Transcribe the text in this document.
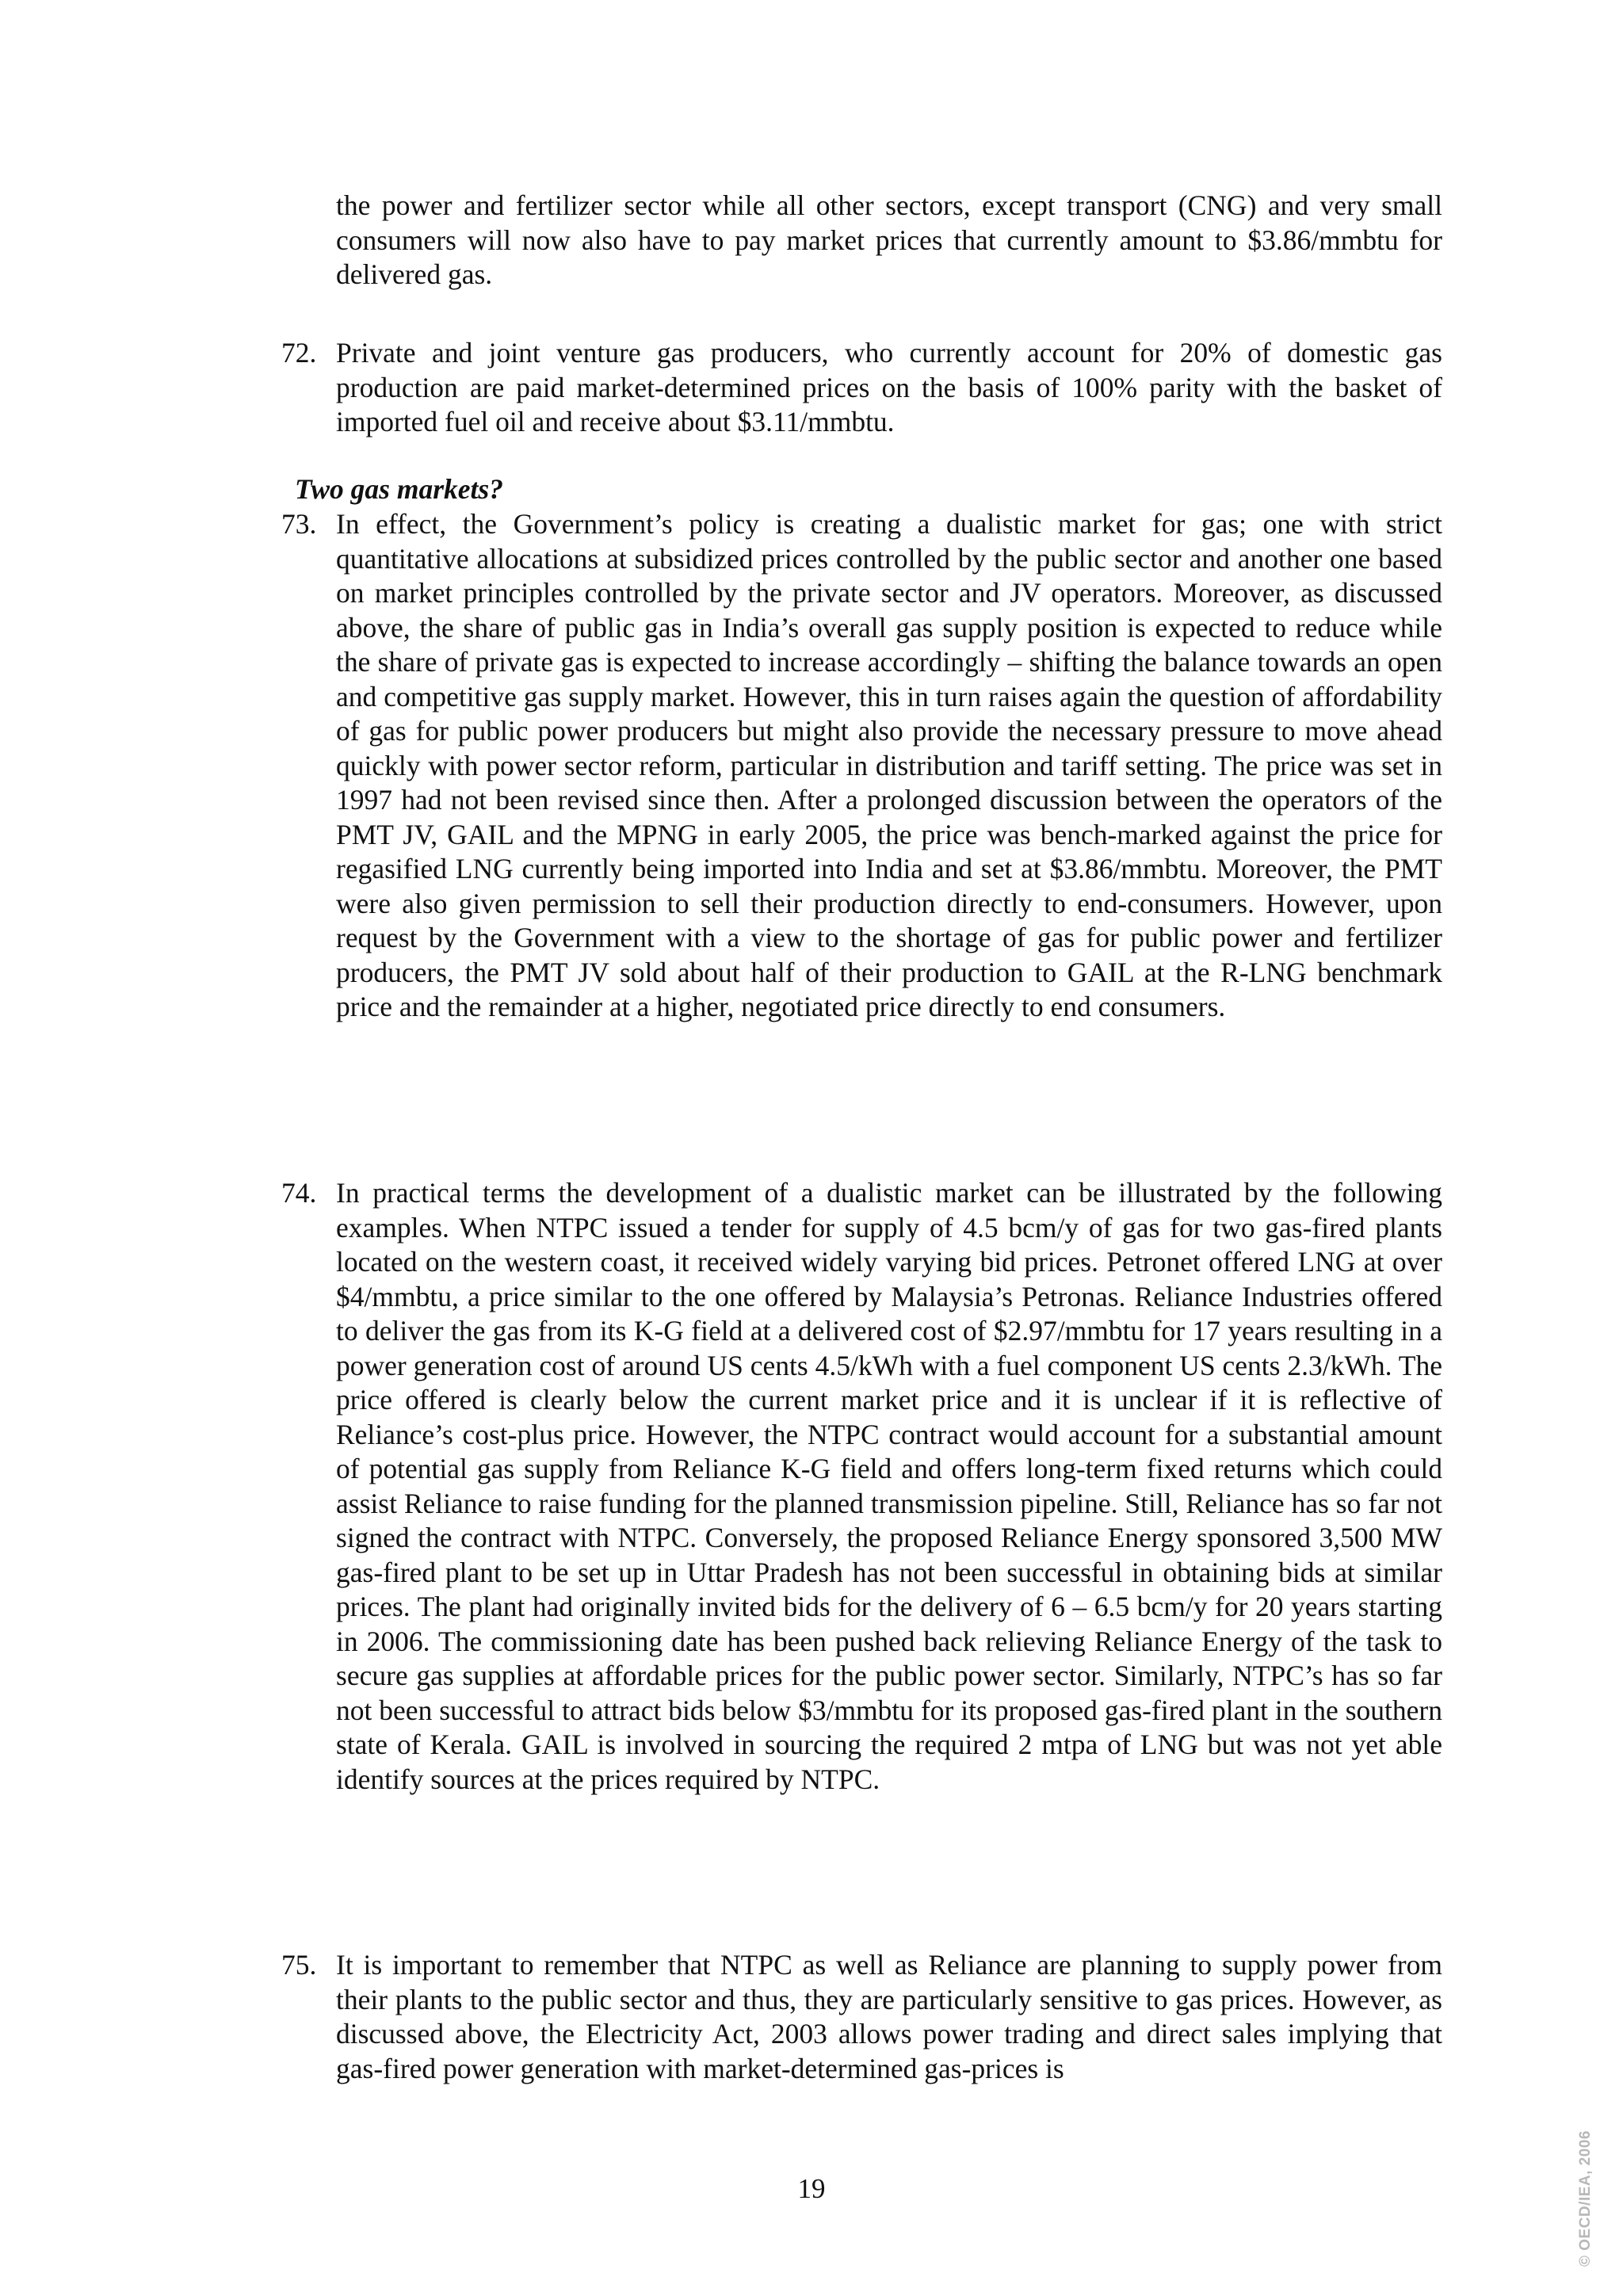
the power and fertilizer sector while all other sectors, except transport (CNG) and very small consumers will now also have to pay market prices that currently amount to $3.86/mmbtu for delivered gas.
72. Private and joint venture gas producers, who currently account for 20% of domestic gas production are paid market-determined prices on the basis of 100% parity with the basket of imported fuel oil and receive about $3.11/mmbtu.
Two gas markets?
73. In effect, the Government’s policy is creating a dualistic market for gas; one with strict quantitative allocations at subsidized prices controlled by the public sector and another one based on market principles controlled by the private sector and JV operators. Moreover, as discussed above, the share of public gas in India’s overall gas supply position is expected to reduce while the share of private gas is expected to increase accordingly – shifting the balance towards an open and competitive gas supply market. However, this in turn raises again the question of affordability of gas for public power producers but might also provide the necessary pressure to move ahead quickly with power sector reform, particular in distribution and tariff setting. The price was set in 1997 had not been revised since then. After a prolonged discussion between the operators of the PMT JV, GAIL and the MPNG in early 2005, the price was bench-marked against the price for regasified LNG currently being imported into India and set at $3.86/mmbtu. Moreover, the PMT were also given permission to sell their production directly to end-consumers. However, upon request by the Government with a view to the shortage of gas for public power and fertilizer producers, the PMT JV sold about half of their production to GAIL at the R-LNG benchmark price and the remainder at a higher, negotiated price directly to end consumers.
74. In practical terms the development of a dualistic market can be illustrated by the following examples. When NTPC issued a tender for supply of 4.5 bcm/y of gas for two gas-fired plants located on the western coast, it received widely varying bid prices. Petronet offered LNG at over $4/mmbtu, a price similar to the one offered by Malaysia’s Petronas. Reliance Industries offered to deliver the gas from its K-G field at a delivered cost of $2.97/mmbtu for 17 years resulting in a power generation cost of around US cents 4.5/kWh with a fuel component US cents 2.3/kWh. The price offered is clearly below the current market price and it is unclear if it is reflective of Reliance’s cost-plus price. However, the NTPC contract would account for a substantial amount of potential gas supply from Reliance K-G field and offers long-term fixed returns which could assist Reliance to raise funding for the planned transmission pipeline. Still, Reliance has so far not signed the contract with NTPC. Conversely, the proposed Reliance Energy sponsored 3,500 MW gas-fired plant to be set up in Uttar Pradesh has not been successful in obtaining bids at similar prices. The plant had originally invited bids for the delivery of 6 – 6.5 bcm/y for 20 years starting in 2006. The commissioning date has been pushed back relieving Reliance Energy of the task to secure gas supplies at affordable prices for the public power sector. Similarly, NTPC’s has so far not been successful to attract bids below $3/mmbtu for its proposed gas-fired plant in the southern state of Kerala. GAIL is involved in sourcing the required 2 mtpa of LNG but was not yet able identify sources at the prices required by NTPC.
75. It is important to remember that NTPC as well as Reliance are planning to supply power from their plants to the public sector and thus, they are particularly sensitive to gas prices. However, as discussed above, the Electricity Act, 2003 allows power trading and direct sales implying that gas-fired power generation with market-determined gas-prices is
19	© OECD/IEA, 2006
